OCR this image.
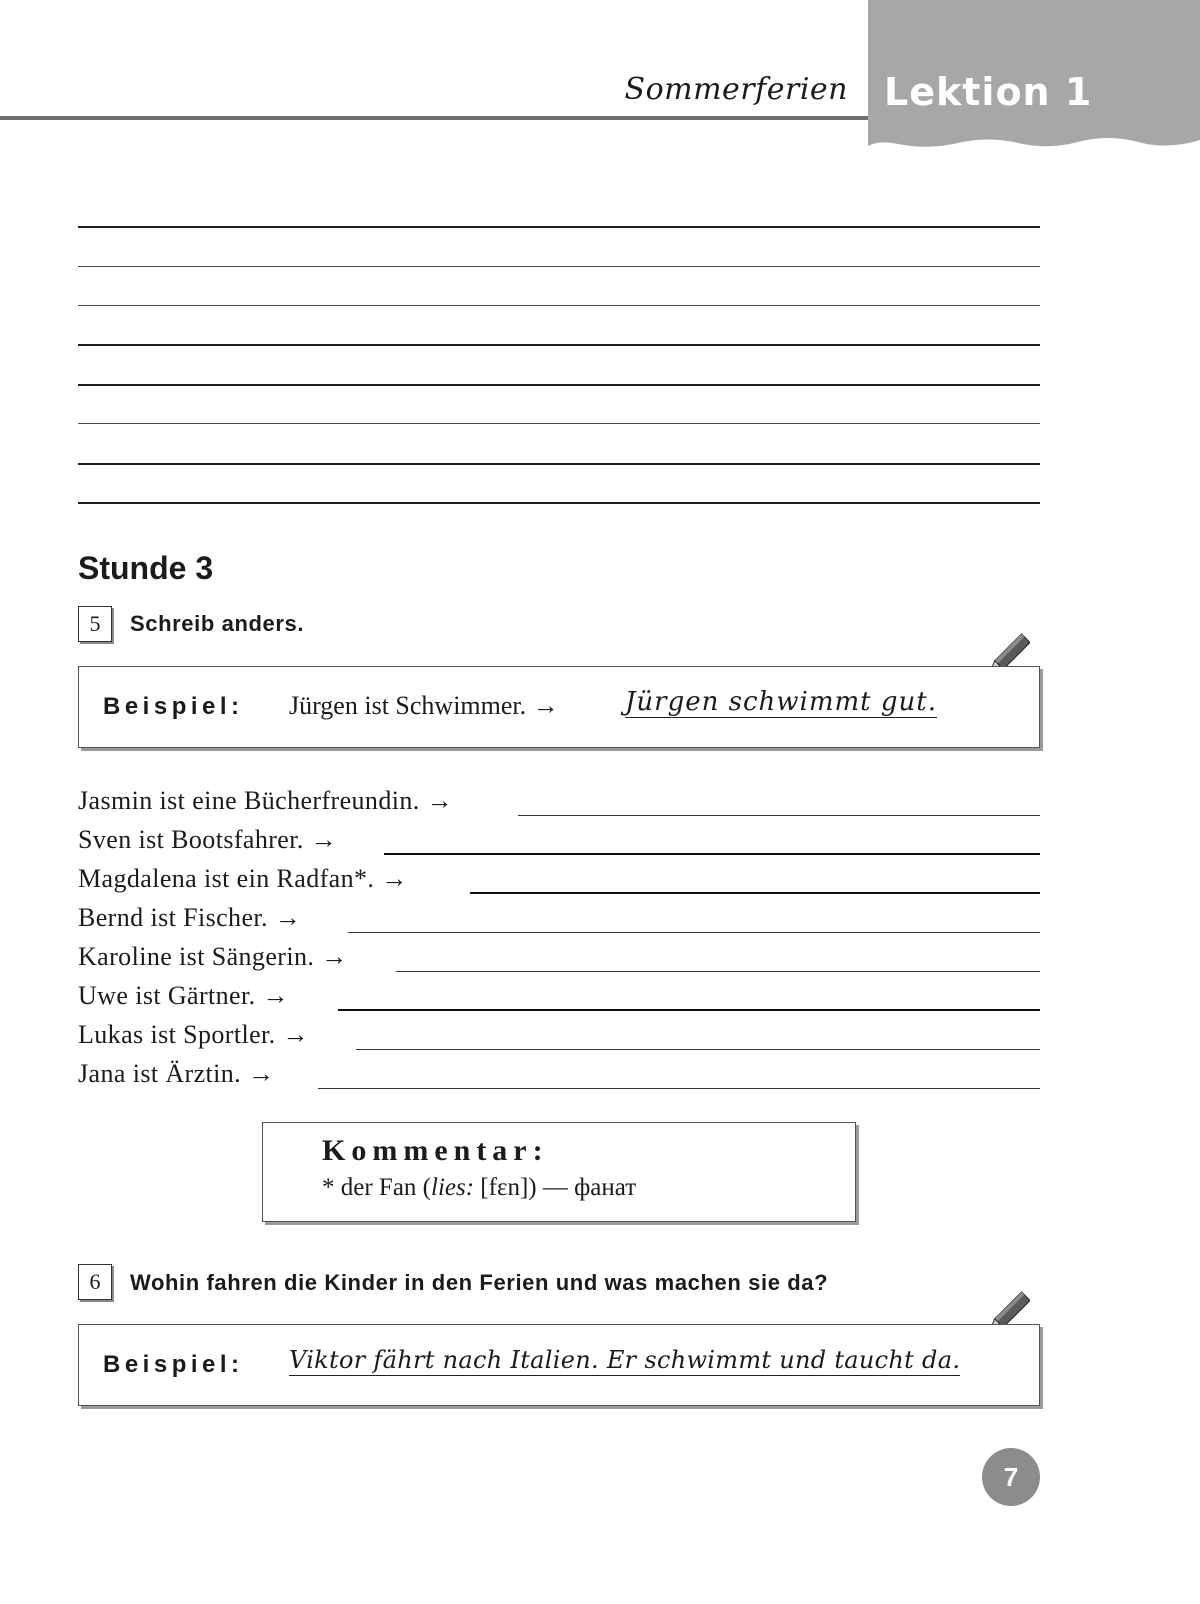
Sommerferien Lektion 1
Stunde 3
5	Schreib anders.
Beispiel: Jürgen ist Schwimmer. →	Jürgen schwimmt gut.
Jasmin ist eine Bücherfreundin. →
Sven ist Bootsfahrer. →
Magdalena ist ein Radfan*. →
Bernd ist Fischer. →
Karoline ist Sängerin. →
Uwe ist Gärtner. →
Lukas ist Sportler. →
Jana ist Ärztin. →
Kommentar:
* der Fan (lies: [fɛn]) — фанат
6	Wohin fahren die Kinder in den Ferien und was machen sie da?
Beispiel: Viktor fährt nach Italien. Er schwimmt und taucht da.
7
